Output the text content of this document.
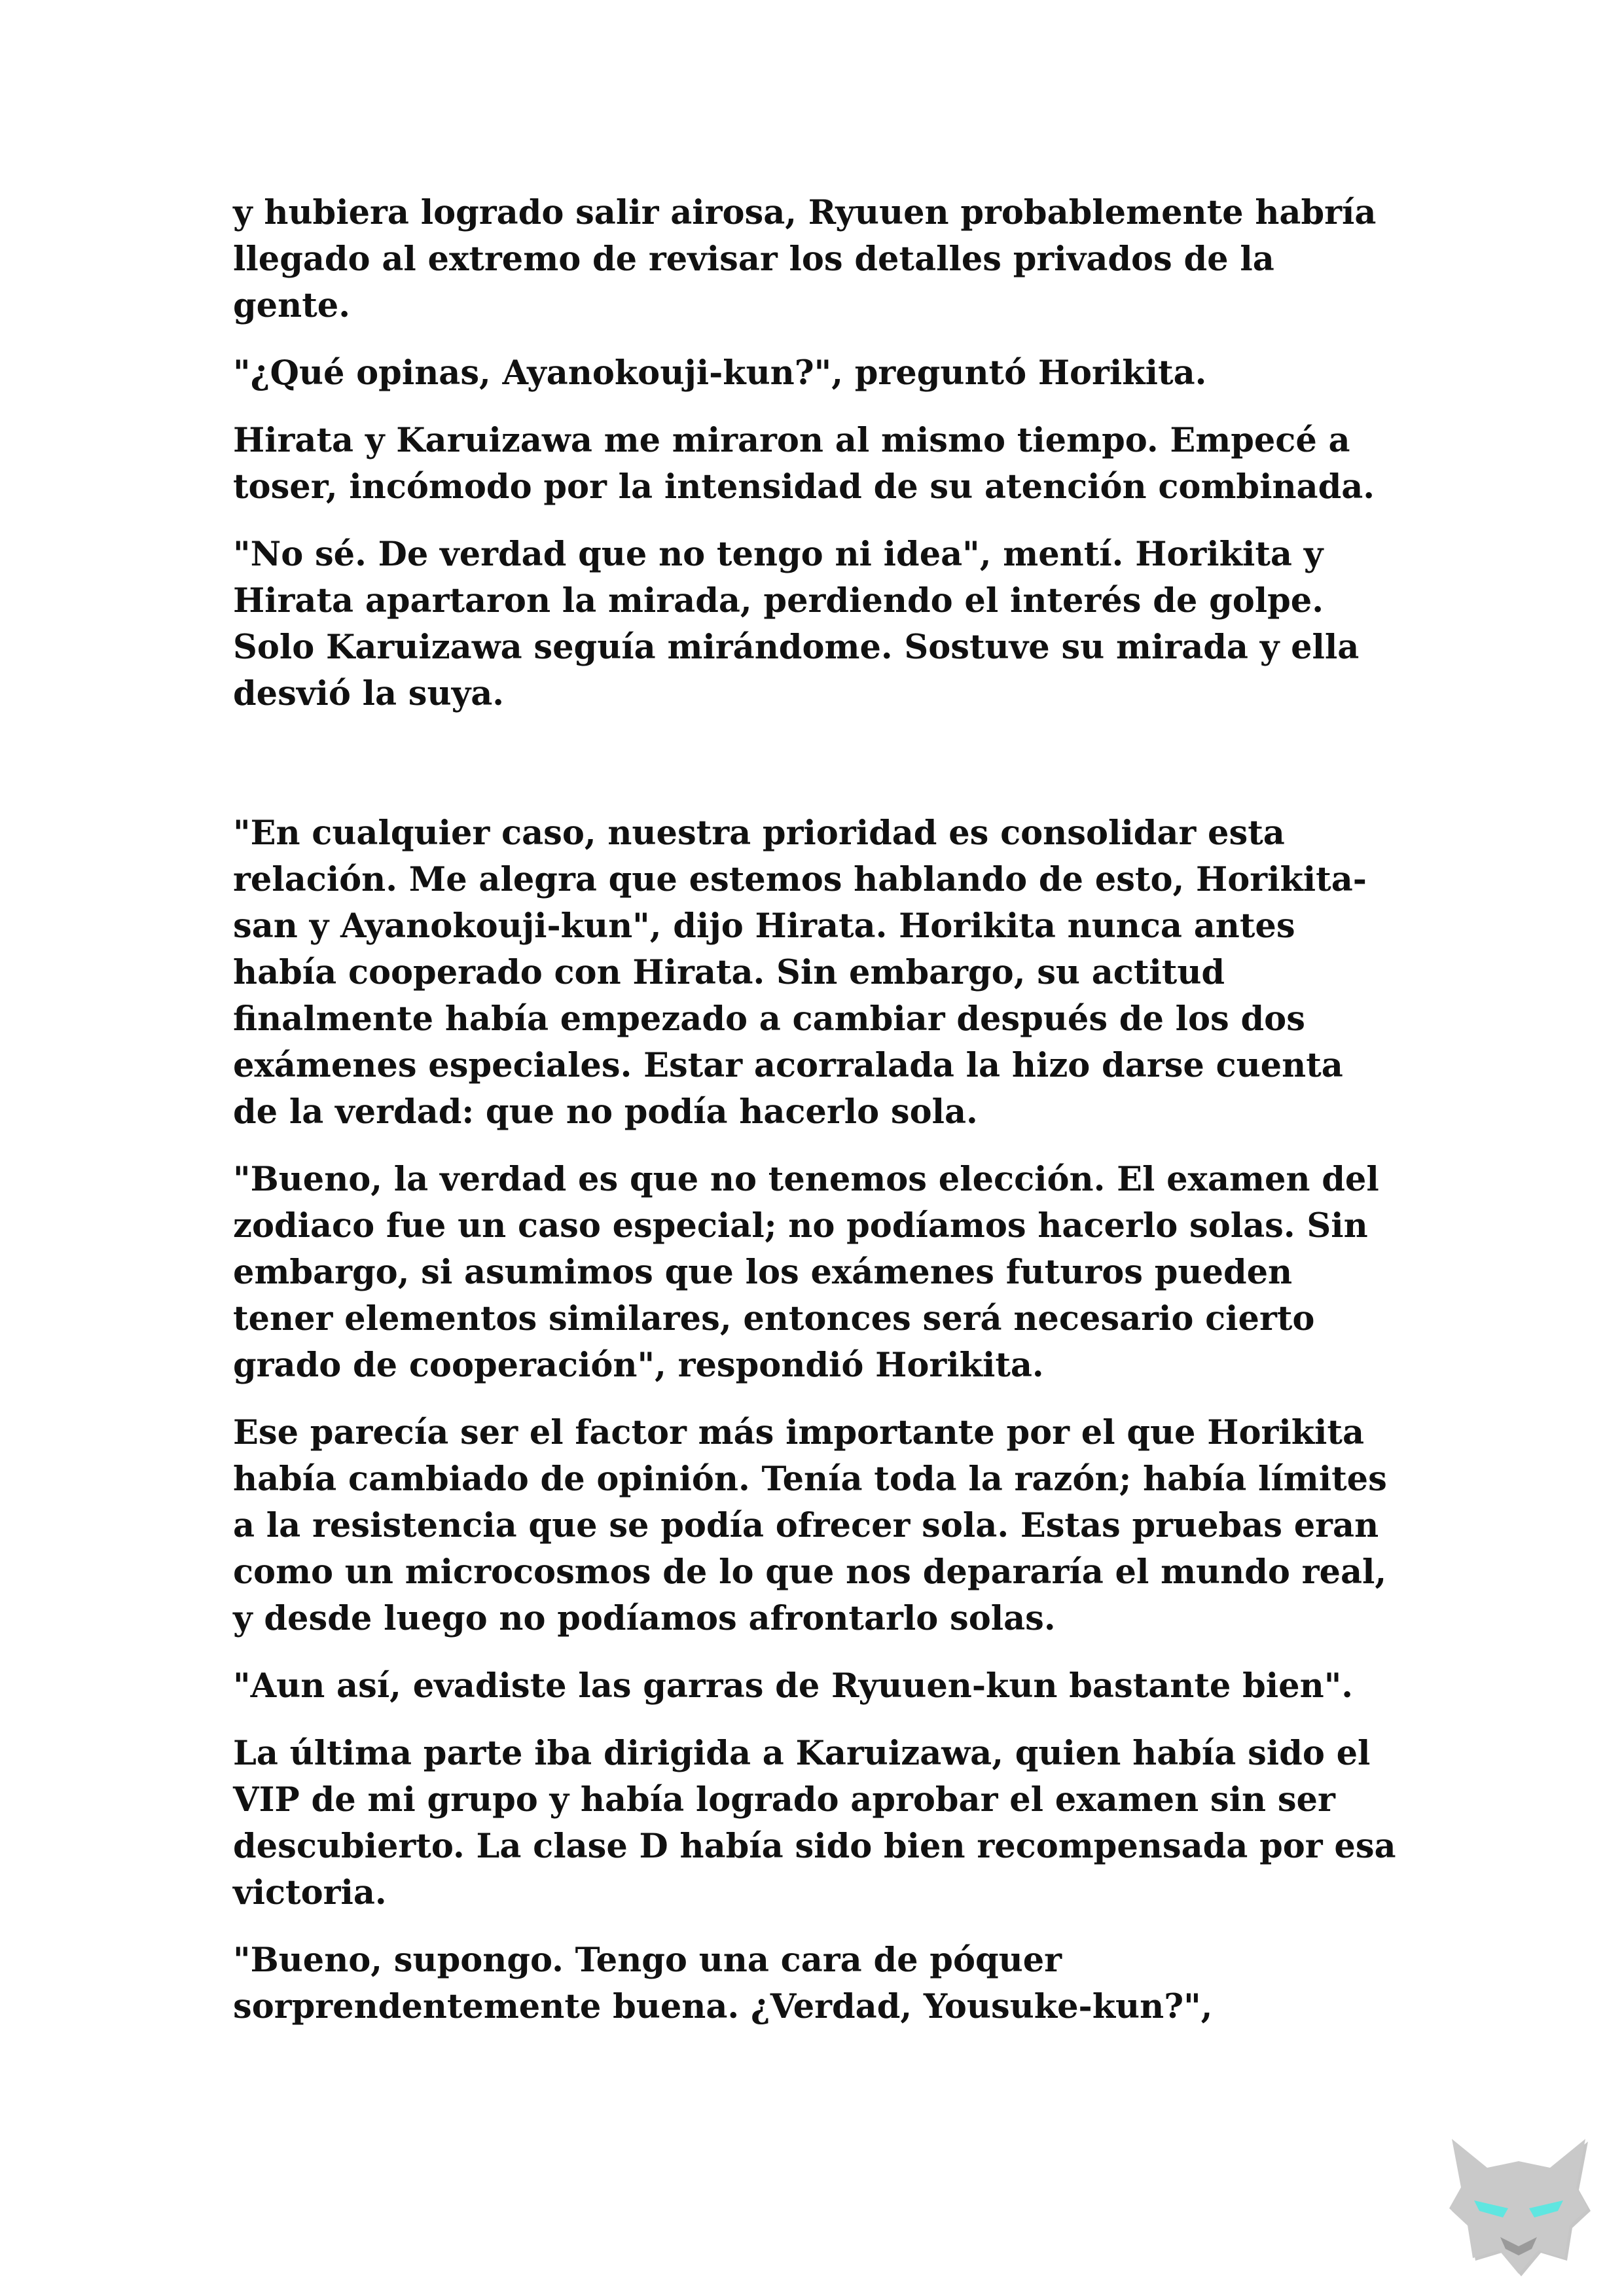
y hubiera logrado salir airosa, Ryuuen probablemente habría llegado al extremo de revisar los detalles privados de la gente.

"¿Qué opinas, Ayanokouji-kun?", preguntó Horikita.

Hirata y Karuizawa me miraron al mismo tiempo. Empecé a toser, incómodo por la intensidad de su atención combinada.

"No sé. De verdad que no tengo ni idea", mentí. Horikita y Hirata apartaron la mirada, perdiendo el interés de golpe. Solo Karuizawa seguía mirándome. Sostuve su mirada y ella desvió la suya.

"En cualquier caso, nuestra prioridad es consolidar esta relación. Me alegra que estemos hablando de esto, Horikita-san y Ayanokouji-kun", dijo Hirata. Horikita nunca antes había cooperado con Hirata. Sin embargo, su actitud finalmente había empezado a cambiar después de los dos exámenes especiales. Estar acorralada la hizo darse cuenta de la verdad: que no podía hacerlo sola.

"Bueno, la verdad es que no tenemos elección. El examen del zodiaco fue un caso especial; no podíamos hacerlo solas. Sin embargo, si asumimos que los exámenes futuros pueden tener elementos similares, entonces será necesario cierto grado de cooperación", respondió Horikita.

Ese parecía ser el factor más importante por el que Horikita había cambiado de opinión. Tenía toda la razón; había límites a la resistencia que se podía ofrecer sola. Estas pruebas eran como un microcosmos de lo que nos depararía el mundo real, y desde luego no podíamos afrontarlo solas.

"Aun así, evadiste las garras de Ryuuen-kun bastante bien".

La última parte iba dirigida a Karuizawa, quien había sido el VIP de mi grupo y había logrado aprobar el examen sin ser descubierto. La clase D había sido bien recompensada por esa victoria.

"Bueno, supongo. Tengo una cara de póquer sorprendentemente buena. ¿Verdad, Yousuke-kun?",
